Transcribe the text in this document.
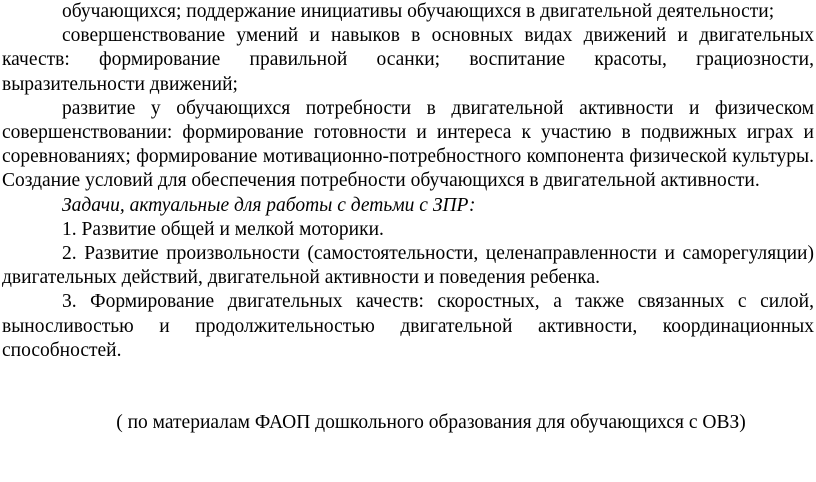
обучающихся; поддержание инициативы обучающихся в двигательной деятельности;

совершенствование умений и навыков в основных видах движений и двигательных качеств: формирование правильной осанки; воспитание красоты, грациозности, выразительности движений;

развитие у обучающихся потребности в двигательной активности и физическом совершенствовании: формирование готовности и интереса к участию в подвижных играх и соревнованиях; формирование мотивационно-потребностного компонента физической культуры. Создание условий для обеспечения потребности обучающихся в двигательной активности.

Задачи, актуальные для работы с детьми с ЗПР:

1. Развитие общей и мелкой моторики.

2. Развитие произвольности (самостоятельности, целенаправленности и саморегуляции) двигательных действий, двигательной активности и поведения ребенка.

3. Формирование двигательных качеств: скоростных, а также связанных с силой, выносливостью и продолжительностью двигательной активности, координационных способностей.

( по материалам ФАОП дошкольного образования для обучающихся с ОВЗ)
